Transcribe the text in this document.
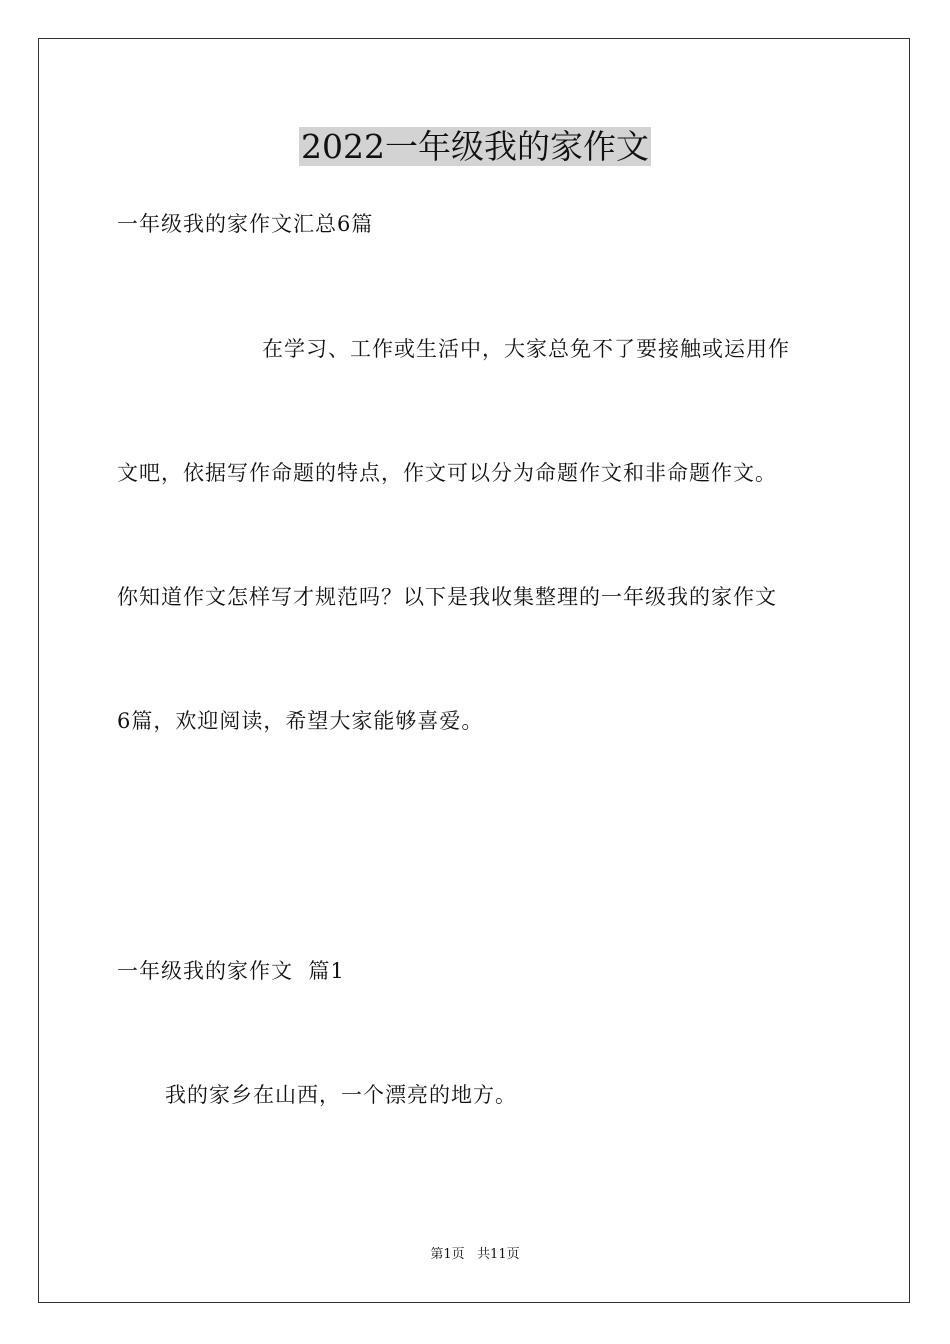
2022一年级我的家作文

一年级我的家作文汇总6篇

在学习、工作或生活中，大家总免不了要接触或运用作

文吧，依据写作命题的特点，作文可以分为命题作文和非命题作文。

你知道作文怎样写才规范吗？以下是我收集整理的一年级我的家作文

6篇，欢迎阅读，希望大家能够喜爱。

一年级我的家作文  篇1

我的家乡在山西，一个漂亮的地方。

第1页   共11页
